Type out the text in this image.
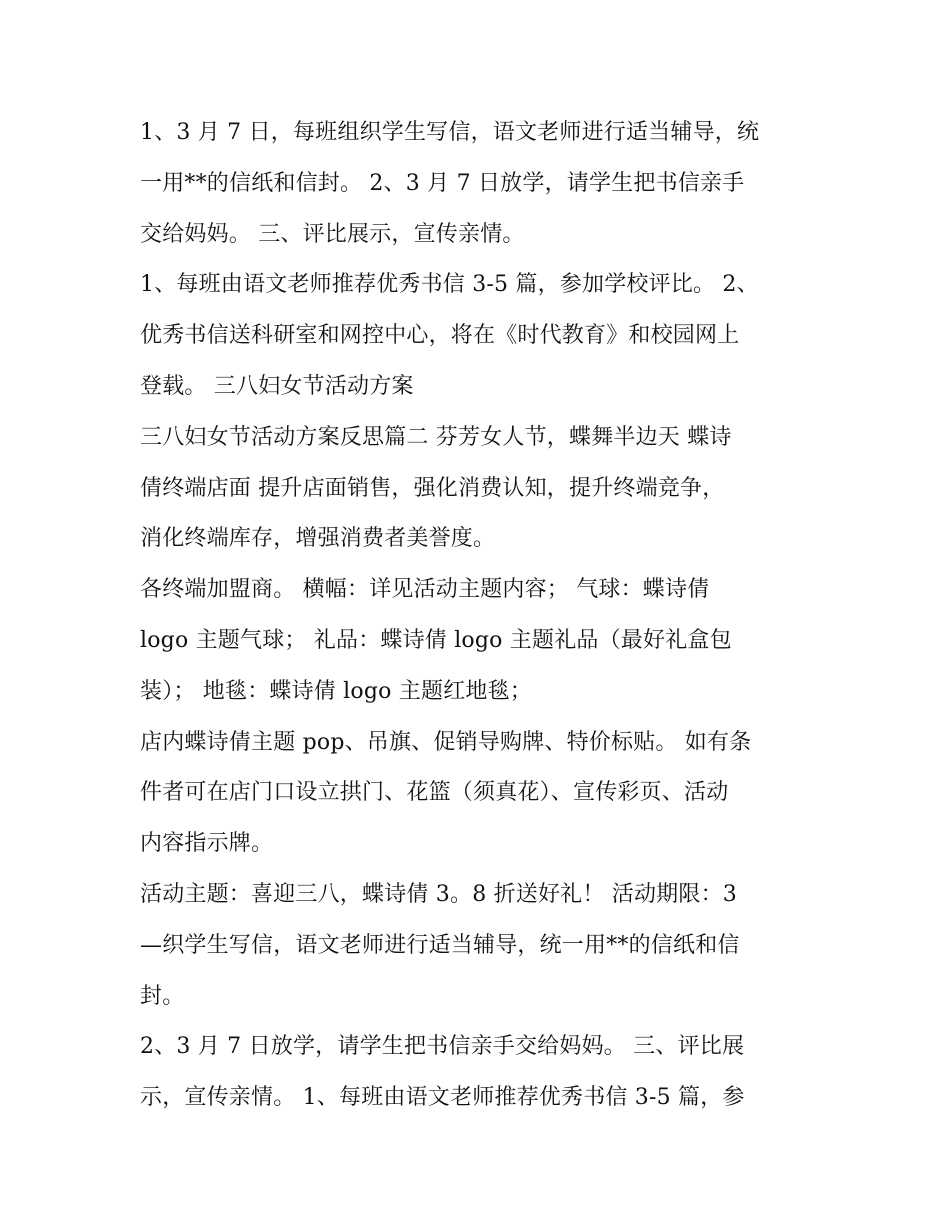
1、3 月 7 日，每班组织学生写信，语文老师进行适当辅导，统
一用**的信纸和信封。 2、3 月 7 日放学，请学生把书信亲手
交给妈妈。 三、评比展示，宣传亲情。
1、每班由语文老师推荐优秀书信 3-5 篇，参加学校评比。 2、
优秀书信送科研室和网控中心，将在《时代教育》和校园网上
登载。 三八妇女节活动方案
三八妇女节活动方案反思篇二 芬芳女人节，蝶舞半边天 蝶诗
倩终端店面 提升店面销售，强化消费认知，提升终端竞争，
消化终端库存，增强消费者美誉度。
各终端加盟商。 横幅：详见活动主题内容； 气球：蝶诗倩
logo 主题气球； 礼品：蝶诗倩 logo 主题礼品（最好礼盒包
装）； 地毯：蝶诗倩 logo 主题红地毯；
店内蝶诗倩主题 pop、吊旗、促销导购牌、特价标贴。 如有条
件者可在店门口设立拱门、花篮（须真花）、宣传彩页、活动
内容指示牌。
活动主题：喜迎三八，蝶诗倩 3。8 折送好礼！ 活动期限：3
—织学生写信，语文老师进行适当辅导，统一用**的信纸和信
封。
2、3 月 7 日放学，请学生把书信亲手交给妈妈。 三、评比展
示，宣传亲情。 1、每班由语文老师推荐优秀书信 3-5 篇，参
